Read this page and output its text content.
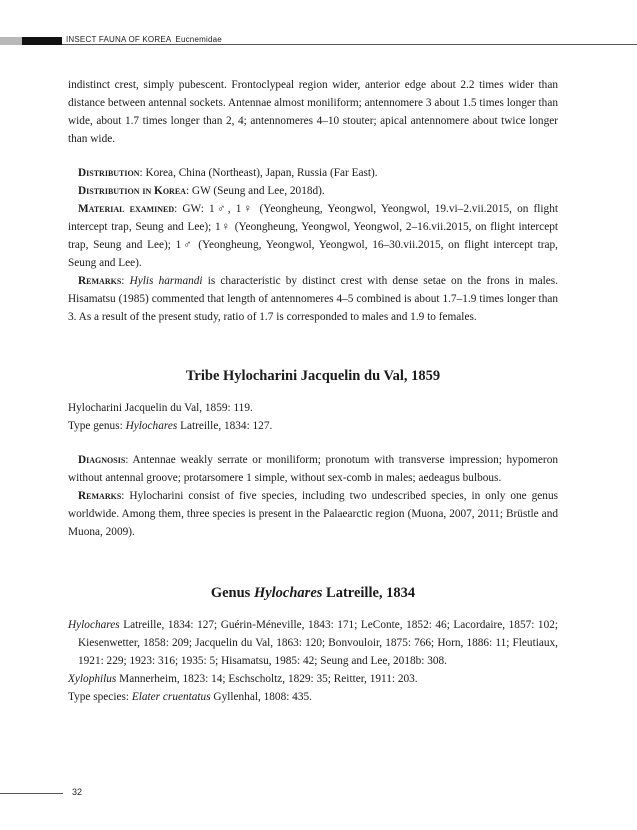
INSECT FAUNA OF KOREA Eucnemidae

indistinct crest, simply pubescent. Frontoclypeal region wider, anterior edge about 2.2 times wider than distance between antennal sockets. Antennae almost moniliform; antennomere 3 about 1.5 times longer than wide, about 1.7 times longer than 2, 4; antennomeres 4–10 stouter; apical antennomere about twice longer than wide.

Distribution: Korea, China (Northeast), Japan, Russia (Far East).

Distribution in Korea: GW (Seung and Lee, 2018d).

Material examined: GW: 1♂, 1♀ (Yeongheung, Yeongwol, Yeongwol, 19.vi–2.vii.2015, on flight intercept trap, Seung and Lee); 1♀ (Yeongheung, Yeongwol, Yeongwol, 2–16.vii.2015, on flight intercept trap, Seung and Lee); 1♂ (Yeongheung, Yeongwol, Yeongwol, 16–30.vii.2015, on flight intercept trap, Seung and Lee).

Remarks: Hylis harmandi is characteristic by distinct crest with dense setae on the frons in males. Hisamatsu (1985) commented that length of antennomeres 4–5 combined is about 1.7–1.9 times longer than 3. As a result of the present study, ratio of 1.7 is corresponded to males and 1.9 to females.

Tribe Hylocharini Jacquelin du Val, 1859

Hylocharini Jacquelin du Val, 1859: 119.

Type genus: Hylochares Latreille, 1834: 127.

Diagnosis: Antennae weakly serrate or moniliform; pronotum with transverse impression; hypomeron without antennal groove; protarsomere 1 simple, without sex-comb in males; aedeagus bulbous.

Remarks: Hylocharini consist of five species, including two undescribed species, in only one genus worldwide. Among them, three species is present in the Palaearctic region (Muona, 2007, 2011; Brüstle and Muona, 2009).

Genus Hylochares Latreille, 1834

Hylochares Latreille, 1834: 127; Guérin-Méneville, 1843: 171; LeConte, 1852: 46; Lacordaire, 1857: 102; Kiesenwetter, 1858: 209; Jacquelin du Val, 1863: 120; Bonvouloir, 1875: 766; Horn, 1886: 11; Fleutiaux, 1921: 229; 1923: 316; 1935: 5; Hisamatsu, 1985: 42; Seung and Lee, 2018b: 308.

Xylophilus Mannerheim, 1823: 14; Eschscholtz, 1829: 35; Reitter, 1911: 203.

Type species: Elater cruentatus Gyllenhal, 1808: 435.

32
